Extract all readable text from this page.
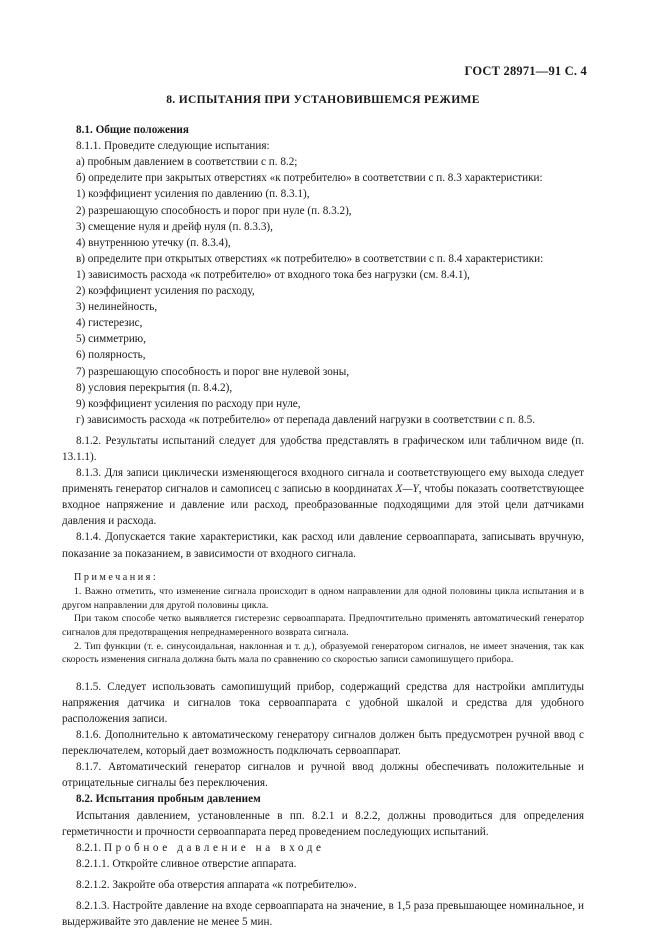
ГОСТ 28971—91 С. 4
8. ИСПЫТАНИЯ ПРИ УСТАНОВИВШЕМСЯ РЕЖИМЕ

8.1. Общие положения

8.1.1. Проведите следующие испытания:

а) пробным давлением в соответствии с п. 8.2;

б) определите при закрытых отверстиях «к потребителю» в соответствии с п. 8.3 характеристики:

1) коэффициент усиления по давлению (п. 8.3.1),

2) разрешающую способность и порог при нуле (п. 8.3.2),

3) смещение нуля и дрейф нуля (п. 8.3.3),

4) внутреннюю утечку (п. 8.3.4),

в) определите при открытых отверстиях «к потребителю» в соответствии с п. 8.4 характеристики:

1) зависимость расхода «к потребителю» от входного тока без нагрузки (см. 8.4.1),

2) коэффициент усиления по расходу,

3) нелинейность,

4) гистерезис,

5) симметрию,

6) полярность,

7) разрешающую способность и порог вне нулевой зоны,

8) условия перекрытия (п. 8.4.2),

9) коэффициент усиления по расходу при нуле,

г) зависимость расхода «к потребителю» от перепада давлений нагрузки в соответствии с п. 8.5.

8.1.2. Результаты испытаний следует для удобства представлять в графическом или табличном виде (п. 13.1.1).

8.1.3. Для записи циклически изменяющегося входного сигнала и соответствующего ему выхода следует применять генератор сигналов и самописец с записью в координатах X—Y, чтобы показать соответствующее входное напряжение и давление или расход, преобразованные подходящими для этой цели датчиками давления и расхода.

8.1.4. Допускается такие характеристики, как расход или давление сервоаппарата, записывать вручную, показание за показанием, в зависимости от входного сигнала.

Примечания:

1. Важно отметить, что изменение сигнала происходит в одном направлении для одной половины цикла испытания и в другом направлении для другой половины цикла.

При таком способе четко выявляется гистерезис сервоаппарата. Предпочтительно применять автоматический генератор сигналов для предотвращения непреднамеренного возврата сигнала.

2. Тип функции (т. е. синусоидальная, наклонная и т. д.), образуемой генератором сигналов, не имеет значения, так как скорость изменения сигнала должна быть мала по сравнению со скоростью записи самопишущего прибора.

8.1.5. Следует использовать самопишущий прибор, содержащий средства для настройки амплитуды напряжения датчика и сигналов тока сервоаппарата с удобной шкалой и средства для удобного расположения записи.

8.1.6. Дополнительно к автоматическому генератору сигналов должен быть предусмотрен ручной ввод с переключателем, который дает возможность подключать сервоаппарат.

8.1.7. Автоматический генератор сигналов и ручной ввод должны обеспечивать положительные и отрицательные сигналы без переключения.

8.2. Испытания пробным давлением

Испытания давлением, установленные в пп. 8.2.1 и 8.2.2, должны проводиться для определения герметичности и прочности сервоаппарата перед проведением последующих испытаний.

8.2.1. Пробное давление на входе

8.2.1.1. Откройте сливное отверстие аппарата.

8.2.1.2. Закройте оба отверстия аппарата «к потребителю».

8.2.1.3. Настройте давление на входе сервоаппарата на значение, в 1,5 раза превышающее номинальное, и выдерживайте это давление не менее 5 мин.
